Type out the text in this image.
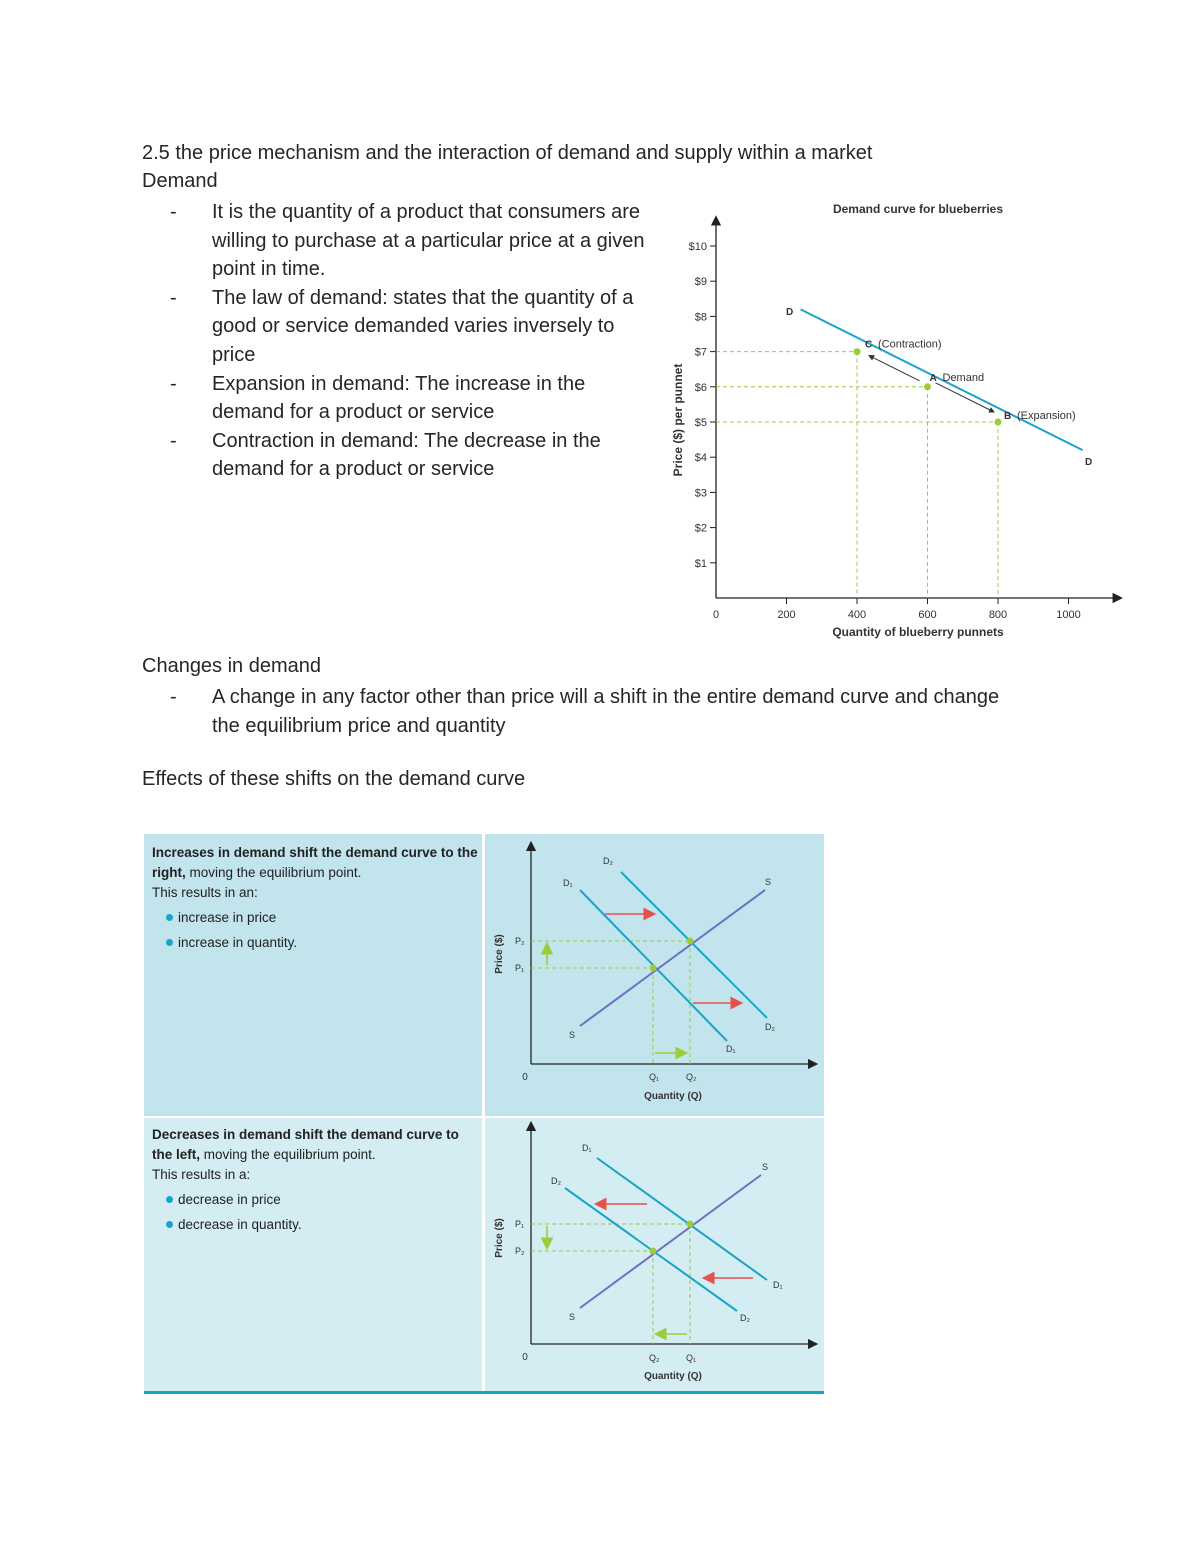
2.5 the price mechanism and the interaction of demand and supply within a market
Demand
- It is the quantity of a product that consumers are willing to purchase at a particular price at a given point in time.
- The law of demand: states that the quantity of a good or service demanded varies inversely to price
- Expansion in demand: The increase in the demand for a product or service
- Contraction in demand: The decrease in the demand for a product or service
Demand curve for blueberries
Price ($) per punnet
Quantity of blueberry punnets
0
$1
$2
$3
$4
$5
$6
$7
$8
$9
$10
200	400	600	800	1000
C (Contraction)
A Demand
B (Expansion)
D
D
Changes in demand
- A change in any factor other than price will a shift in the entire demand curve and change the equilibrium price and quantity
Effects of these shifts on the demand curve
Increases in demand shift the demand curve to the right, moving the equilibrium point.
This results in an:
increase in price
increase in quantity.
Decreases in demand shift the demand curve to the left, moving the equilibrium point.
This results in a:
decrease in price
decrease in quantity.
Price ($)
Quantity (Q)
0
P₂
P₁
Q₁	Q₂
D₁
D₂
S
S
D₂
D₁
Price ($)
Quantity (Q)
0
P₁
P₂
Q₂	Q₁
D₁
D₂
S
S
D₁
D₂
